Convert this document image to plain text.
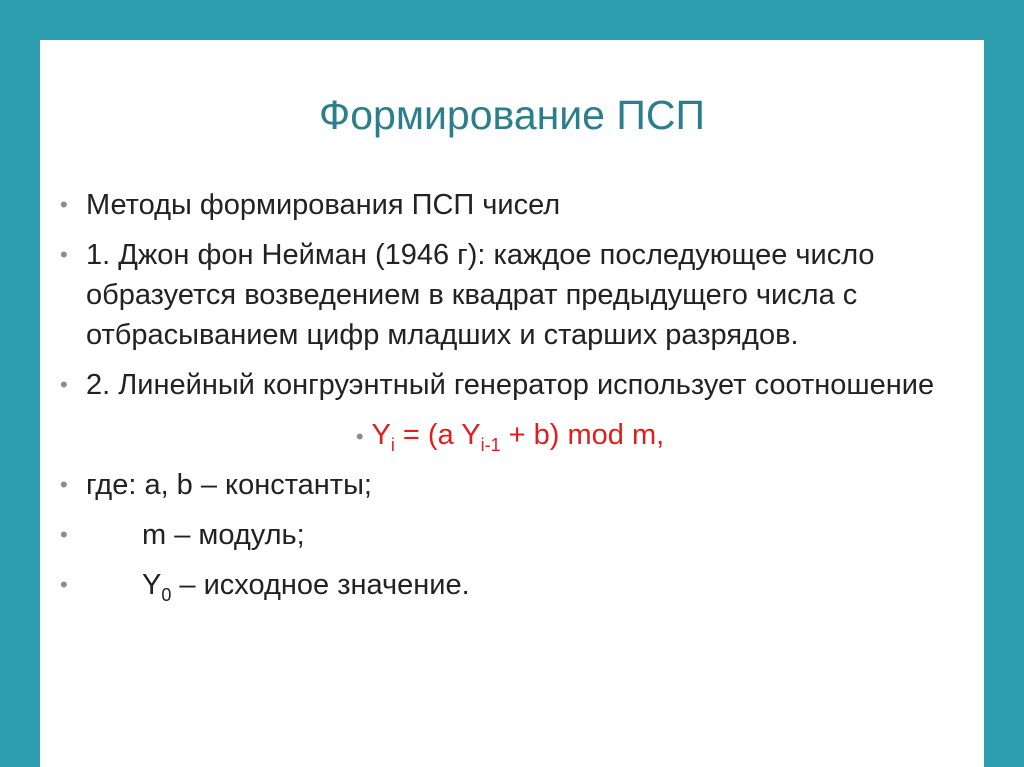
Формирование ПСП
• Методы формирования ПСП чисел
• 1. Джон фон Нейман (1946 г): каждое последующее число образуется возведением в квадрат предыдущего числа с отбрасыванием цифр младших и старших разрядов.
• 2. Линейный конгруэнтный генератор использует соотношение
• $Y_i = (a$ $Y_{i-1} + b$) mod m,
• где: a, b – константы;
•	m – модуль;
•	$Y_0$ – исходное значение.
